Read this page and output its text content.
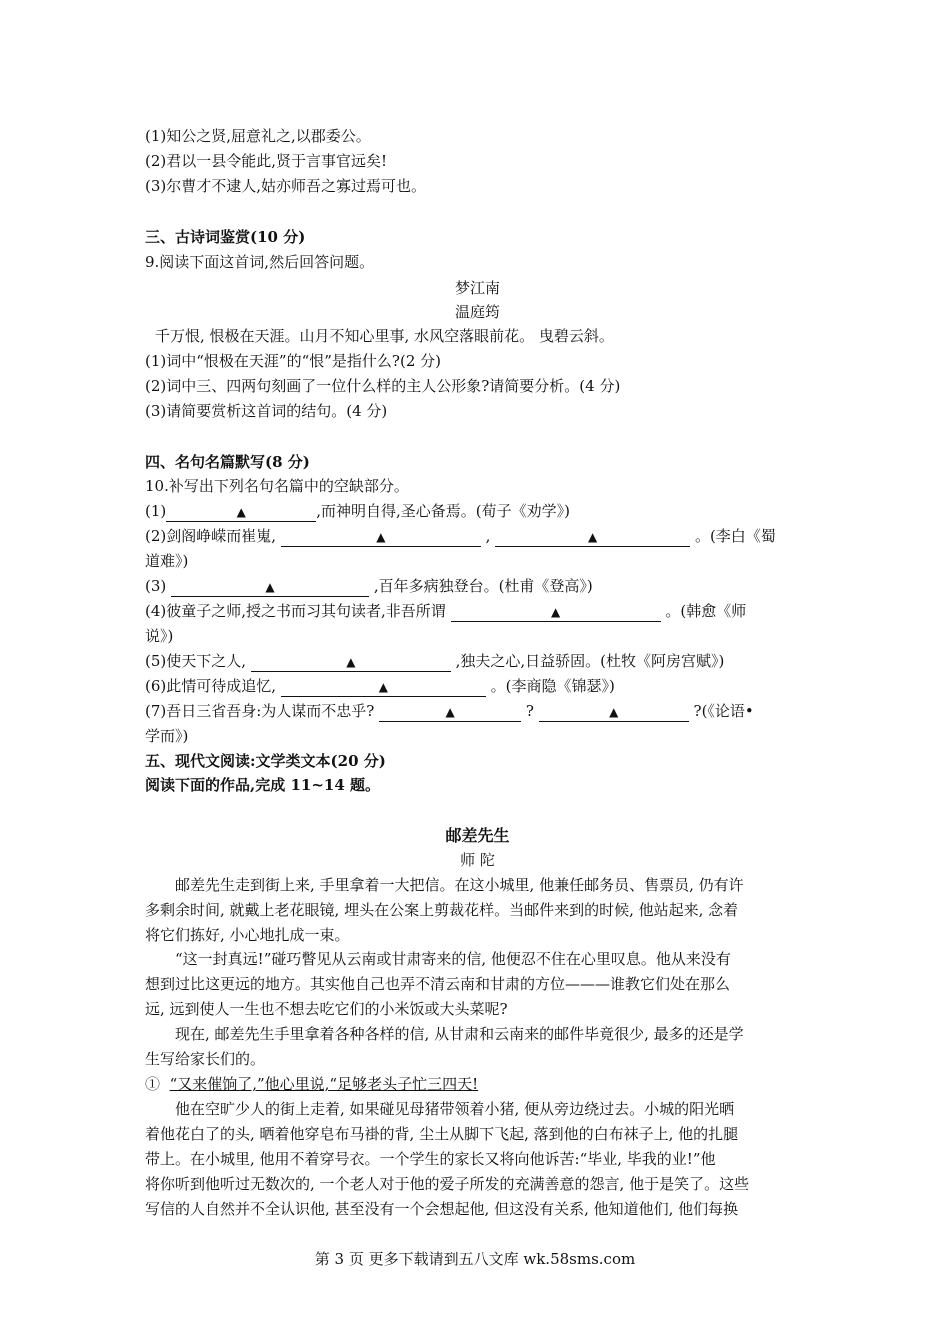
(1)知公之贤,屈意礼之,以郡委公。
(2)君以一县令能此,贤于言事官远矣!
(3)尔曹才不逮人,姑亦师吾之寡过焉可也。
三、古诗词鉴赏(10 分)
9.阅读下面这首词,然后回答问题。
梦江南
温庭筠
千万恨, 恨极在天涯。山月不知心里事, 水风空落眼前花。 曳碧云斜。
(1)词中“恨极在天涯”的“恨”是指什么?(2 分)
(2)词中三、四两句刻画了一位什么样的主人公形象?请简要分析。(4 分)
(3)请简要赏析这首词的结句。(4 分)
四、名句名篇默写(8 分)
10.补写出下列名句名篇中的空缺部分。
(1)	▲	,而神明自得,圣心备焉。(荀子《劝学》)
(2)剑阁峥嵘而崔嵬,	▲	,	▲	。(李白《蜀
道难》)
(3)	▲	,百年多病独登台。(杜甫《登高》)
(4)彼童子之师,授之书而习其句读者,非吾所谓	▲	。(韩愈《师
说》)
(5)使天下之人,	▲	,独夫之心,日益骄固。(杜牧《阿房宫赋》)
(6)此情可待成追忆,	▲	。(李商隐《锦瑟》)
(7)吾日三省吾身:为人谋而不忠乎?	▲	?	▲	?(《论语•
学而》)
五、现代文阅读:文学类文本(20 分)
阅读下面的作品,完成 11~14 题。
邮差先生
师 陀
邮差先生走到街上来, 手里拿着一大把信。在这小城里, 他兼任邮务员、售票员, 仍有许
多剩余时间, 就戴上老花眼镜, 埋头在公案上剪裁花样。当邮件来到的时候, 他站起来, 念着
将它们拣好, 小心地扎成一束。
“这一封真远!”碰巧瞥见从云南或甘肃寄来的信, 他便忍不住在心里叹息。他从来没有
想到过比这更远的地方。其实他自己也弄不清云南和甘肃的方位———谁教它们处在那么
远, 远到使人一生也不想去吃它们的小米饭或大头菜呢?
现在, 邮差先生手里拿着各种各样的信, 从甘肃和云南来的邮件毕竟很少, 最多的还是学
生写给家长们的。
① “又来催饷了,”他心里说,“足够老头子忙三四天!
他在空旷少人的街上走着, 如果碰见母猪带领着小猪, 便从旁边绕过去。小城的阳光晒
着他花白了的头, 晒着他穿皂布马褂的背, 尘土从脚下飞起, 落到他的白布袜子上, 他的扎腿
带上。在小城里, 他用不着穿号衣。一个学生的家长又将向他诉苦:“毕业, 毕我的业!”他
将你听到他听过无数次的, 一个老人对于他的爱子所发的充满善意的怨言, 他于是笑了。这些
写信的人自然并不全认识他, 甚至没有一个会想起他, 但这没有关系, 他知道他们, 他们每换
第 3 页 更多下载请到五八文库 wk.58sms.com
